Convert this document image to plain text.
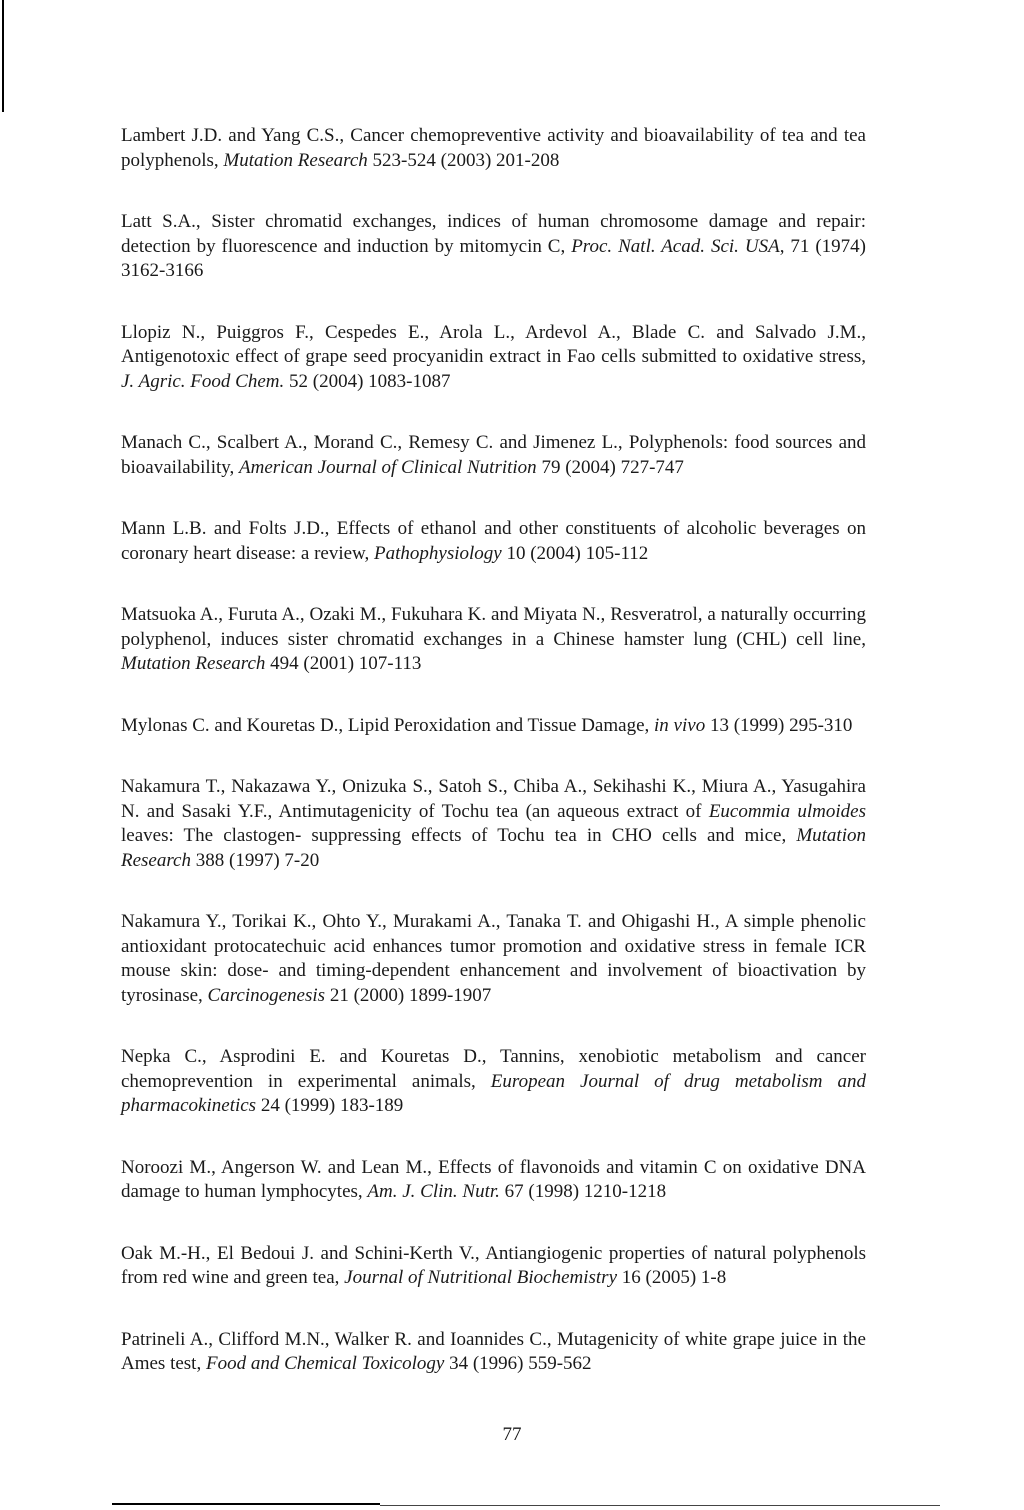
Lambert J.D. and Yang C.S., Cancer chemopreventive activity and bioavailability of tea and tea polyphenols, Mutation Research 523-524 (2003) 201-208

Latt S.A., Sister chromatid exchanges, indices of human chromosome damage and repair: detection by fluorescence and induction by mitomycin C, Proc. Natl. Acad. Sci. USA, 71 (1974) 3162-3166

Llopiz N., Puiggros F., Cespedes E., Arola L., Ardevol A., Blade C. and Salvado J.M., Antigenotoxic effect of grape seed procyanidin extract in Fao cells submitted to oxidative stress, J. Agric. Food Chem. 52 (2004) 1083-1087

Manach C., Scalbert A., Morand C., Remesy C. and Jimenez L., Polyphenols: food sources and bioavailability, American Journal of Clinical Nutrition 79 (2004) 727-747

Mann L.B. and Folts J.D., Effects of ethanol and other constituents of alcoholic beverages on coronary heart disease: a review, Pathophysiology 10 (2004) 105-112

Matsuoka A., Furuta A., Ozaki M., Fukuhara K. and Miyata N., Resveratrol, a naturally occurring polyphenol, induces sister chromatid exchanges in a Chinese hamster lung (CHL) cell line, Mutation Research 494 (2001) 107-113

Mylonas C. and Kouretas D., Lipid Peroxidation and Tissue Damage, in vivo 13 (1999) 295-310

Nakamura T., Nakazawa Y., Onizuka S., Satoh S., Chiba A., Sekihashi K., Miura A., Yasugahira N. and Sasaki Y.F., Antimutagenicity of Tochu tea (an aqueous extract of Eucommia ulmoides leaves: The clastogen- suppressing effects of Tochu tea in CHO cells and mice, Mutation Research 388 (1997) 7-20

Nakamura Y., Torikai K., Ohto Y., Murakami A., Tanaka T. and Ohigashi H., A simple phenolic antioxidant protocatechuic acid enhances tumor promotion and oxidative stress in female ICR mouse skin: dose- and timing-dependent enhancement and involvement of bioactivation by tyrosinase, Carcinogenesis 21 (2000) 1899-1907

Nepka C., Asprodini E. and Kouretas D., Tannins, xenobiotic metabolism and cancer chemoprevention in experimental animals, European Journal of drug metabolism and pharmacokinetics 24 (1999) 183-189

Noroozi M., Angerson W. and Lean M., Effects of flavonoids and vitamin C on oxidative DNA damage to human lymphocytes, Am. J. Clin. Nutr. 67 (1998) 1210-1218

Oak M.-H., El Bedoui J. and Schini-Kerth V., Antiangiogenic properties of natural polyphenols from red wine and green tea, Journal of Nutritional Biochemistry 16 (2005) 1-8

Patrineli A., Clifford M.N., Walker R. and Ioannides C., Mutagenicity of white grape juice in the Ames test, Food and Chemical Toxicology 34 (1996) 559-562

77
